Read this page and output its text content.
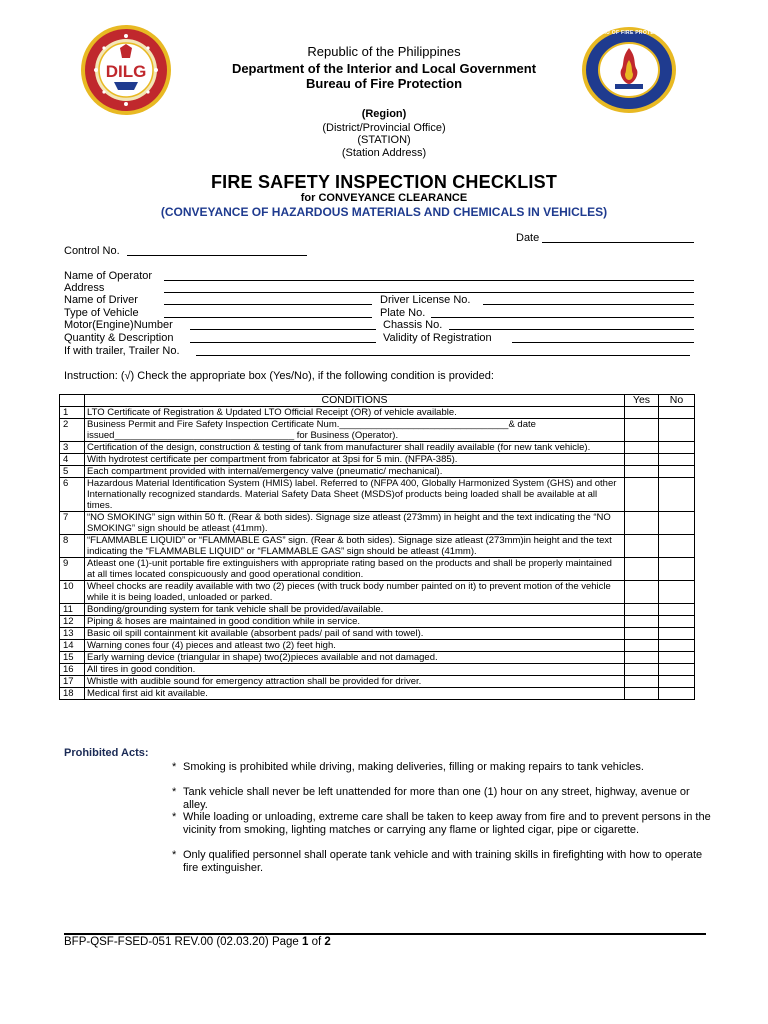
DILG
BUREAU OF FIRE PROTECTION
Republic of the Philippines
Department of the Interior and Local Government
Bureau of Fire Protection
(Region)
(District/Provincial Office)
(STATION)
(Station Address)
FIRE SAFETY INSPECTION CHECKLIST
for CONVEYANCE CLEARANCE
(CONVEYANCE OF HAZARDOUS MATERIALS AND CHEMICALS IN VEHICLES)
Date
Control No.
Name of Operator
Address
Name of Driver	Driver License No.
Type of Vehicle	Plate No.
Motor(Engine)Number	Chassis No.
Quantity & Description	Validity of Registration
If with trailer, Trailer No.
Instruction: (√) Check the appropriate box (Yes/No), if the following condition is provided:
	CONDITIONS	Yes	No
1	LTO Certificate of Registration & Updated LTO Official Receipt (OR) of vehicle available.		
2	Business Permit and Fire Safety Inspection Certificate Num.________________________________& date issued__________________________________ for Business (Operator).		
3	Certification of the design, construction & testing of tank from manufacturer shall readily available (for new tank vehicle).		
4	With hydrotest certificate per compartment from fabricator at 3psi for 5 min. (NFPA-385).		
5	Each compartment provided with internal/emergency valve (pneumatic/ mechanical).		
6	Hazardous Material Identification System (HMIS) label. Referred to (NFPA 400, Globally Harmonized System (GHS) and other Internationally recognized standards. Material Safety Data Sheet (MSDS)of products being loaded shall be available at all times.		
7	“NO SMOKING” sign within 50 ft. (Rear & both sides). Signage size atleast (273mm) in height and the text indicating the “NO SMOKING” sign should be atleast (41mm).		
8	“FLAMMABLE LIQUID” or “FLAMMABLE GAS” sign. (Rear & both sides). Signage size atleast (273mm)in height and the text indicating the “FLAMMABLE LIQUID” or “FLAMMABLE GAS” sign should be atleast (41mm).		
9	Atleast one (1)-unit portable fire extinguishers with appropriate rating based on the products and shall be properly maintained at all times located conspicuously and good operational condition.		
10	Wheel chocks are readily available with two (2) pieces (with truck body number painted on it) to prevent motion of the vehicle while it is being loaded, unloaded or parked.		
11	Bonding/grounding system for tank vehicle shall be provided/available.		
12	Piping & hoses are maintained in good condition while in service.		
13	Basic oil spill containment kit available (absorbent pads/ pail of sand with towel).		
14	Warning cones four (4) pieces and atleast two (2) feet high.		
15	Early warning device (triangular in shape) two(2)pieces available and not damaged.		
16	All tires in good condition.		
17	Whistle with audible sound for emergency attraction shall be provided for driver.		
18	Medical first aid kit available.		
Prohibited Acts:
* Smoking is prohibited while driving, making deliveries, filling or making repairs to tank vehicles.
* Tank vehicle shall never be left unattended for more than one (1) hour on any street, highway, avenue or alley.
* While loading or unloading, extreme care shall be taken to keep away from fire and to prevent persons in the vicinity from smoking, lighting matches or carrying any flame or lighted cigar, pipe or cigarette.
* Only qualified personnel shall operate tank vehicle and with training skills in firefighting with how to operate fire extinguisher.
BFP-QSF-FSED-051 REV.00 (02.03.20) Page 1 of 2
